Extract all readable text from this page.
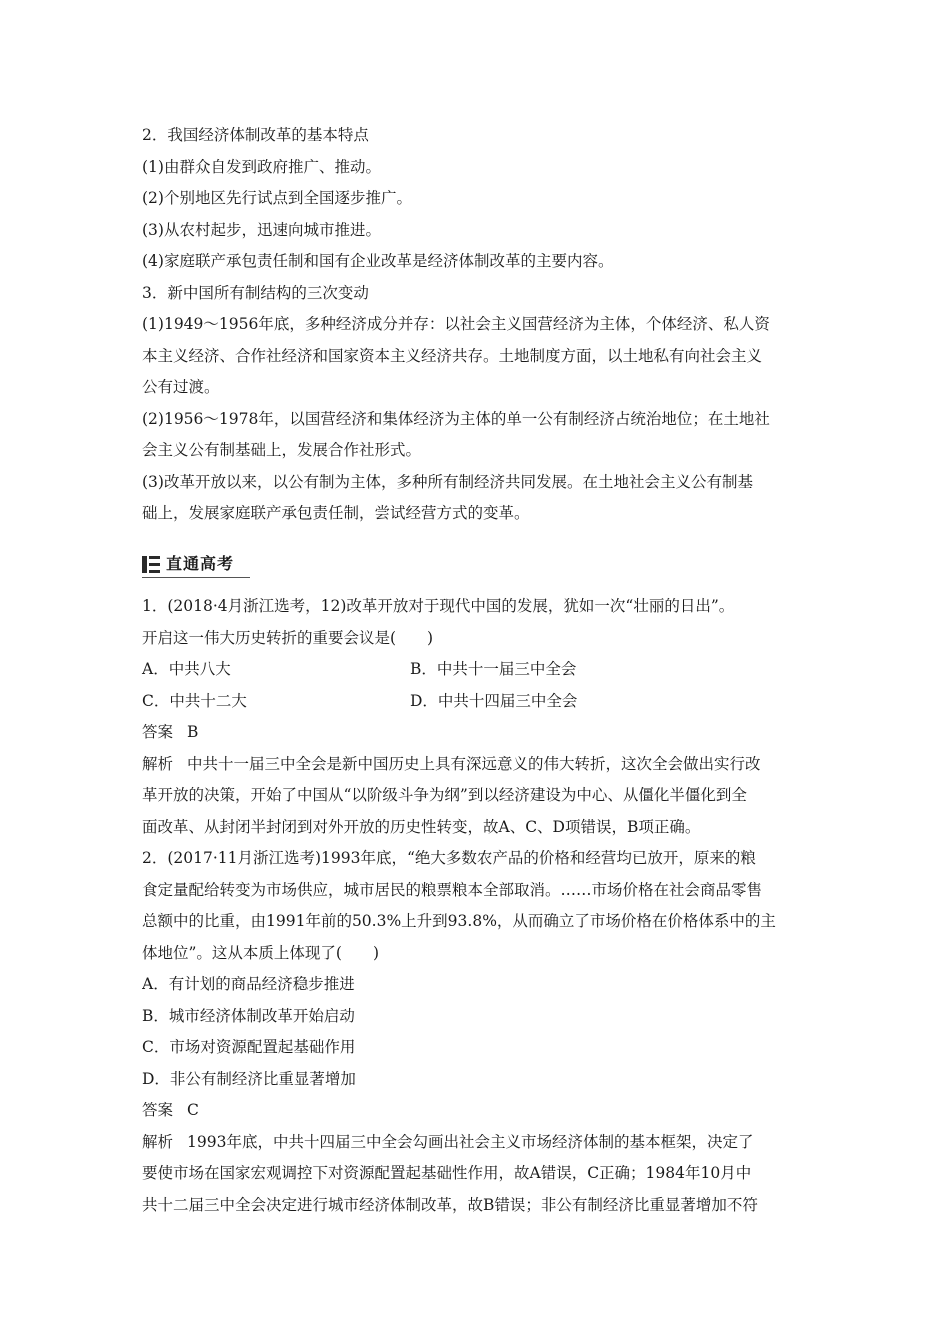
2．我国经济体制改革的基本特点
(1)由群众自发到政府推广、推动。
(2)个别地区先行试点到全国逐步推广。
(3)从农村起步，迅速向城市推进。
(4)家庭联产承包责任制和国有企业改革是经济体制改革的主要内容。
3．新中国所有制结构的三次变动
(1)1949～1956年底，多种经济成分并存：以社会主义国营经济为主体，个体经济、私人资
本主义经济、合作社经济和国家资本主义经济共存。土地制度方面，以土地私有向社会主义
公有过渡。
(2)1956～1978年，以国营经济和集体经济为主体的单一公有制经济占统治地位；在土地社
会主义公有制基础上，发展合作社形式。
(3)改革开放以来，以公有制为主体，多种所有制经济共同发展。在土地社会主义公有制基
础上，发展家庭联产承包责任制，尝试经营方式的变革。
直通高考
1．(2018·4月浙江选考，12)改革开放对于现代中国的发展，犹如一次“壮丽的日出”。
开启这一伟大历史转折的重要会议是(　　)
A．中共八大	B．中共十一届三中全会
C．中共十二大	D．中共十四届三中全会
答案 B
解析 中共十一届三中全会是新中国历史上具有深远意义的伟大转折，这次全会做出实行改
革开放的决策，开始了中国从“以阶级斗争为纲”到以经济建设为中心、从僵化半僵化到全
面改革、从封闭半封闭到对外开放的历史性转变，故A、C、D项错误，B项正确。
2．(2017·11月浙江选考)1993年底，“绝大多数农产品的价格和经营均已放开，原来的粮
食定量配给转变为市场供应，城市居民的粮票粮本全部取消。……市场价格在社会商品零售
总额中的比重，由1991年前的50.3%上升到93.8%，从而确立了市场价格在价格体系中的主
体地位”。这从本质上体现了(　　)
A．有计划的商品经济稳步推进
B．城市经济体制改革开始启动
C．市场对资源配置起基础作用
D．非公有制经济比重显著增加
答案 C
解析 1993年底，中共十四届三中全会勾画出社会主义市场经济体制的基本框架，决定了
要使市场在国家宏观调控下对资源配置起基础性作用，故A错误，C正确；1984年10月中
共十二届三中全会决定进行城市经济体制改革，故B错误；非公有制经济比重显著增加不符
